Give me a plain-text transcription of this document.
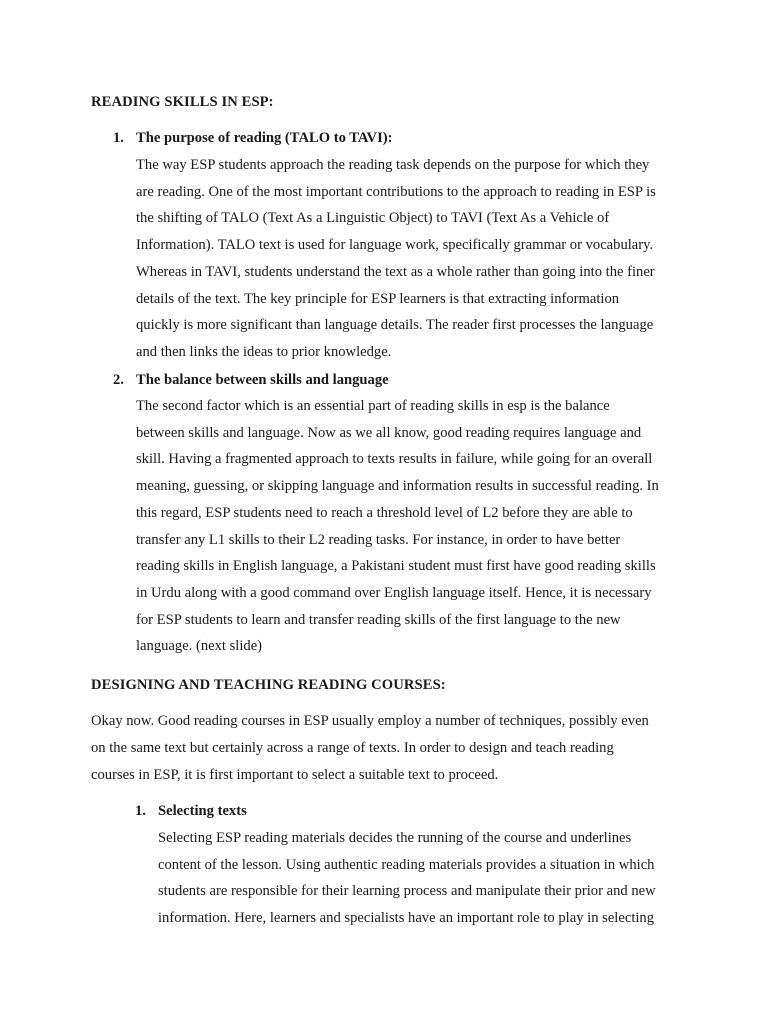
READING SKILLS IN ESP:
1. The purpose of reading (TALO to TAVI):
The way ESP students approach the reading task depends on the purpose for which they
are reading. One of the most important contributions to the approach to reading in ESP is
the shifting of TALO (Text As a Linguistic Object) to TAVI (Text As a Vehicle of
Information). TALO text is used for language work, specifically grammar or vocabulary.
Whereas in TAVI, students understand the text as a whole rather than going into the finer
details of the text. The key principle for ESP learners is that extracting information
quickly is more significant than language details. The reader first processes the language
and then links the ideas to prior knowledge.
2. The balance between skills and language
The second factor which is an essential part of reading skills in esp is the balance
between skills and language. Now as we all know, good reading requires language and
skill. Having a fragmented approach to texts results in failure, while going for an overall
meaning, guessing, or skipping language and information results in successful reading. In
this regard, ESP students need to reach a threshold level of L2 before they are able to
transfer any L1 skills to their L2 reading tasks. For instance, in order to have better
reading skills in English language, a Pakistani student must first have good reading skills
in Urdu along with a good command over English language itself. Hence, it is necessary
for ESP students to learn and transfer reading skills of the first language to the new
language. (next slide)
DESIGNING AND TEACHING READING COURSES:
Okay now. Good reading courses in ESP usually employ a number of techniques, possibly even
on the same text but certainly across a range of texts. In order to design and teach reading
courses in ESP, it is first important to select a suitable text to proceed.
1. Selecting texts
Selecting ESP reading materials decides the running of the course and underlines
content of the lesson. Using authentic reading materials provides a situation in which
students are responsible for their learning process and manipulate their prior and new
information. Here, learners and specialists have an important role to play in selecting
